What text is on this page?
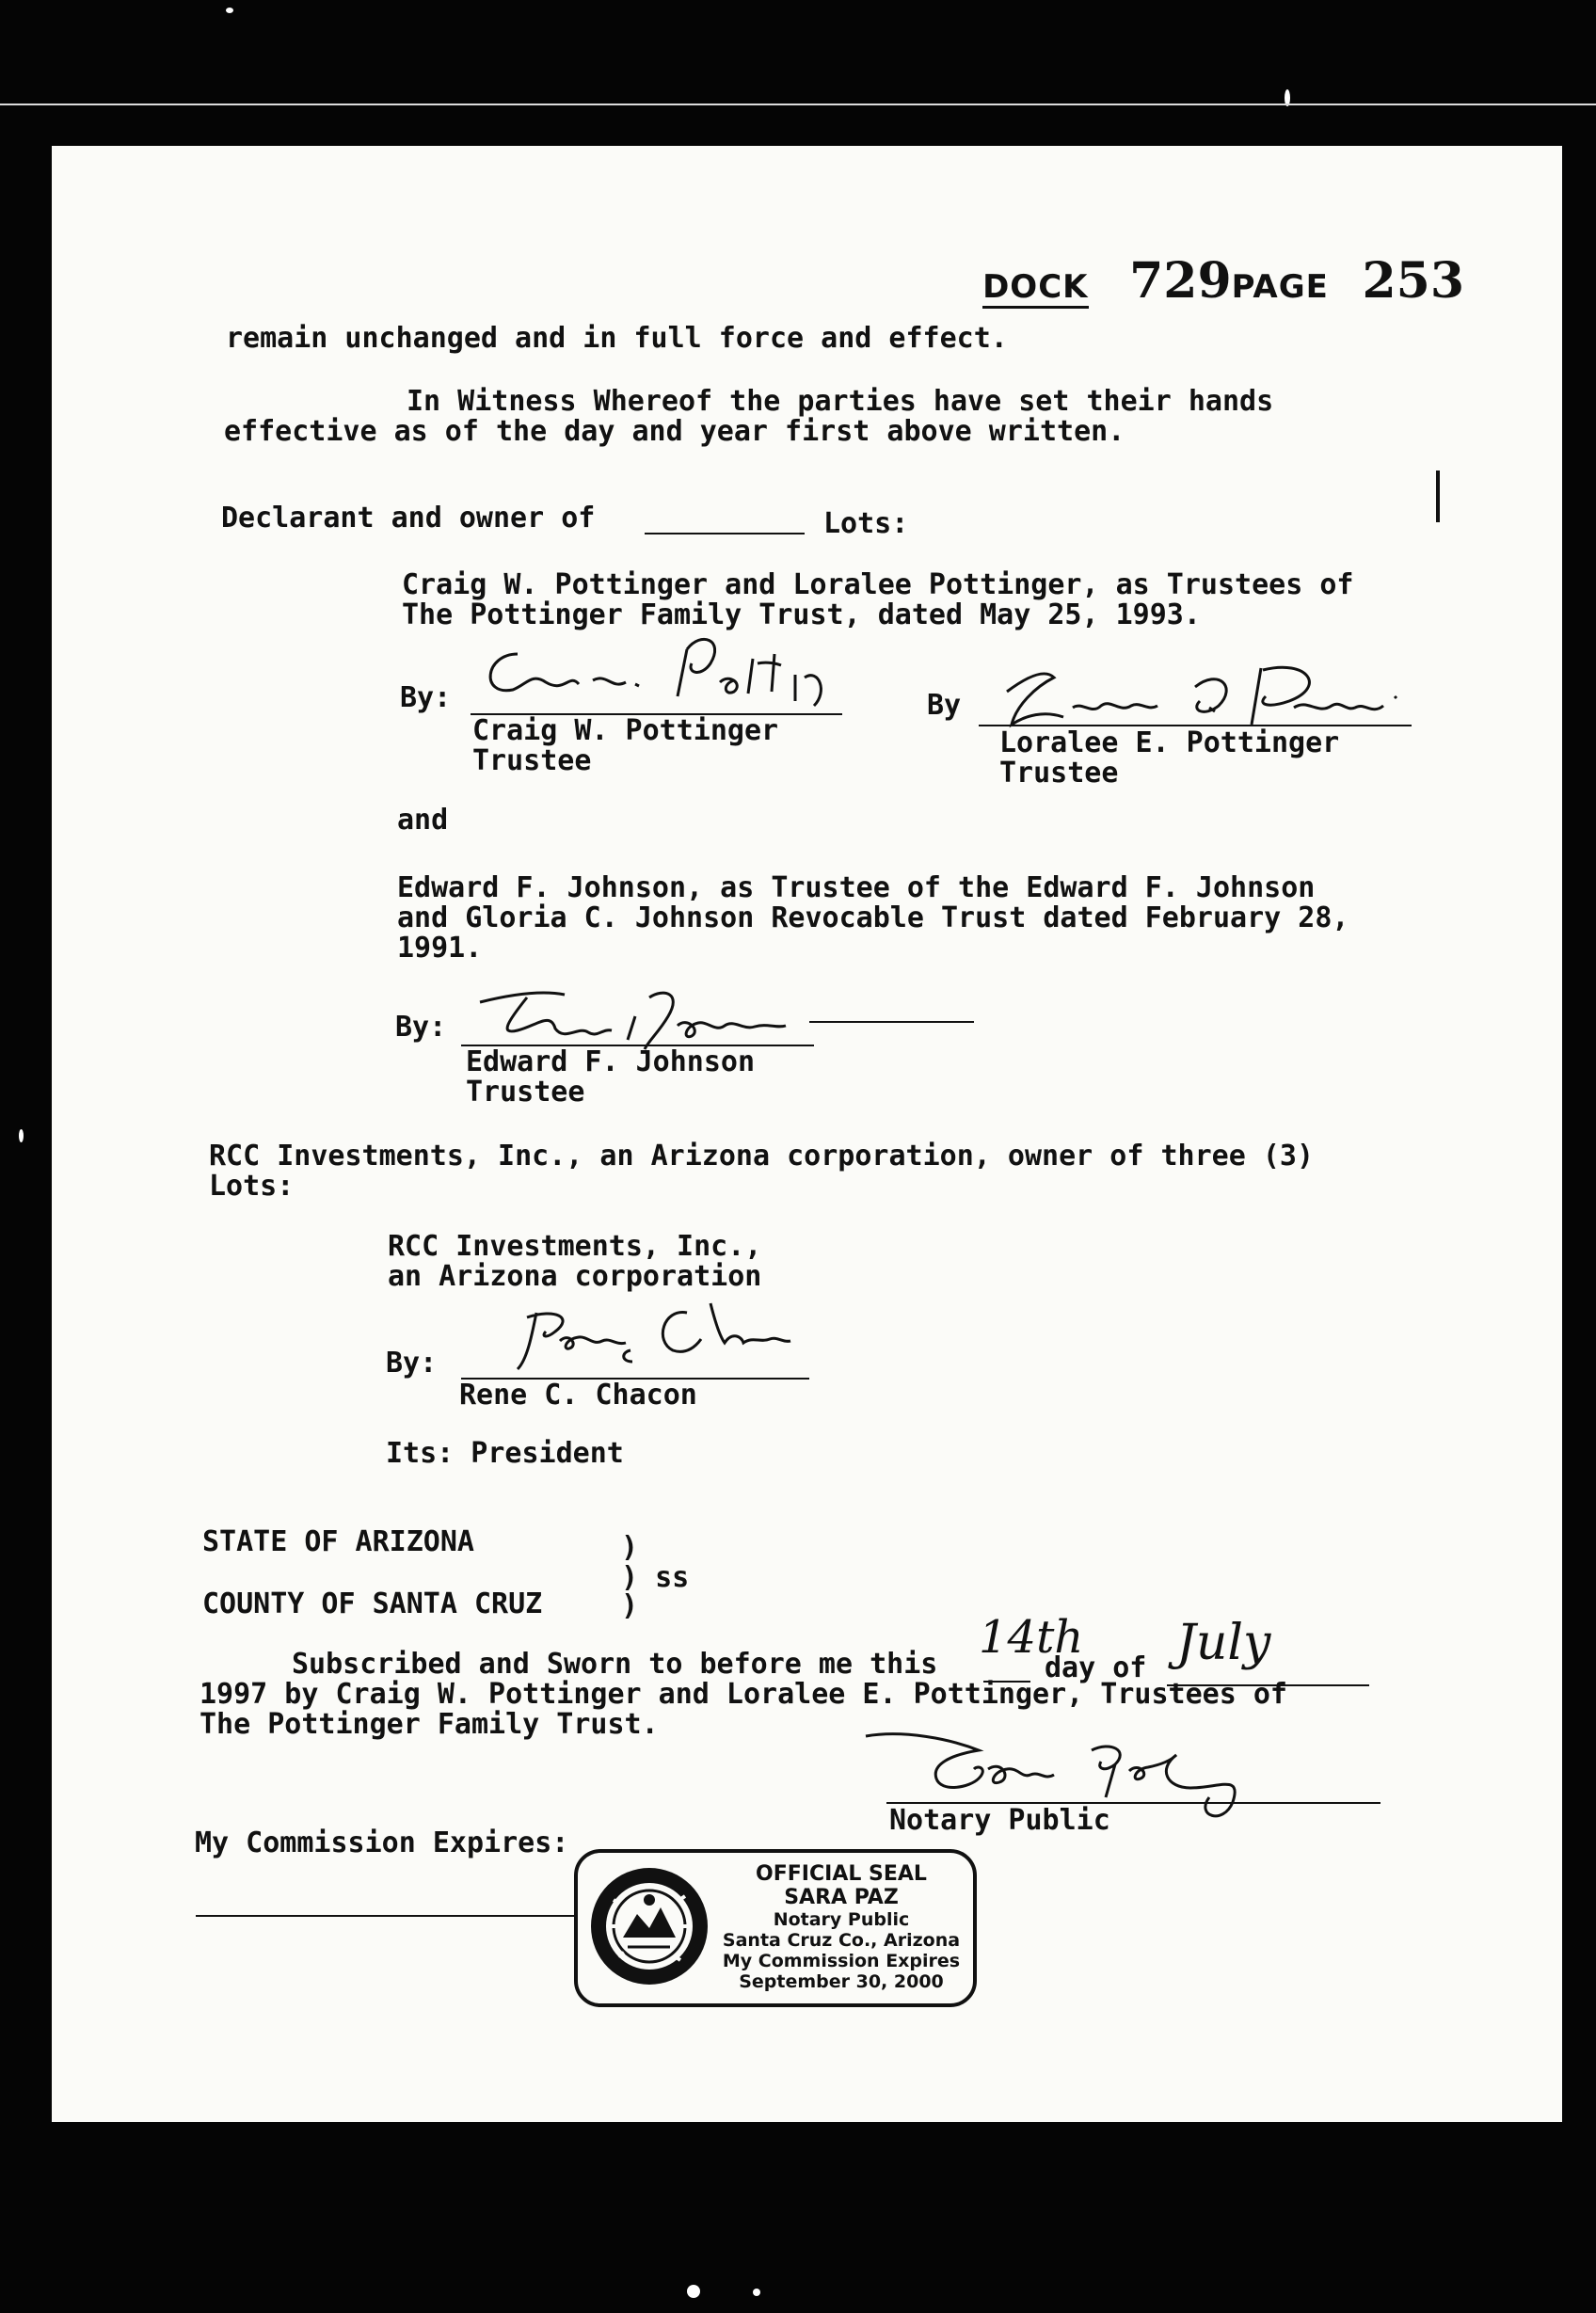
DOCK 729PAGE 253

remain unchanged and in full force and effect.

In Witness Whereof the parties have set their hands

effective as of the day and year first above written.

Declarant and owner of	Lots:

Craig W. Pottinger and Loralee Pottinger, as Trustees of

The Pottinger Family Trust, dated May 25, 1993.

By:

Craig W. Pottinger

Trustee

By

Loralee E. Pottinger

Trustee

and

Edward F. Johnson, as Trustee of the Edward F. Johnson

and Gloria C. Johnson Revocable Trust dated February 28,

1991.

By:

Edward F. Johnson

Trustee

RCC Investments, Inc., an Arizona corporation, owner of three (3)

Lots:

RCC Investments, Inc.,

an Arizona corporation

By:

Rene C. Chacon

Its: President

STATE OF ARIZONA	)

) ss

COUNTY OF SANTA CRUZ	)

Subscribed and Sworn to before me this

14th

day of July

1997 by Craig W. Pottinger and Loralee E. Pottinger, Trustees of

The Pottinger Family Trust.

Notary Public

My Commission Expires:

OFFICIAL SEAL
SARA PAZ
Notary Public
Santa Cruz Co., Arizona
My Commission Expires
September 30, 2000
